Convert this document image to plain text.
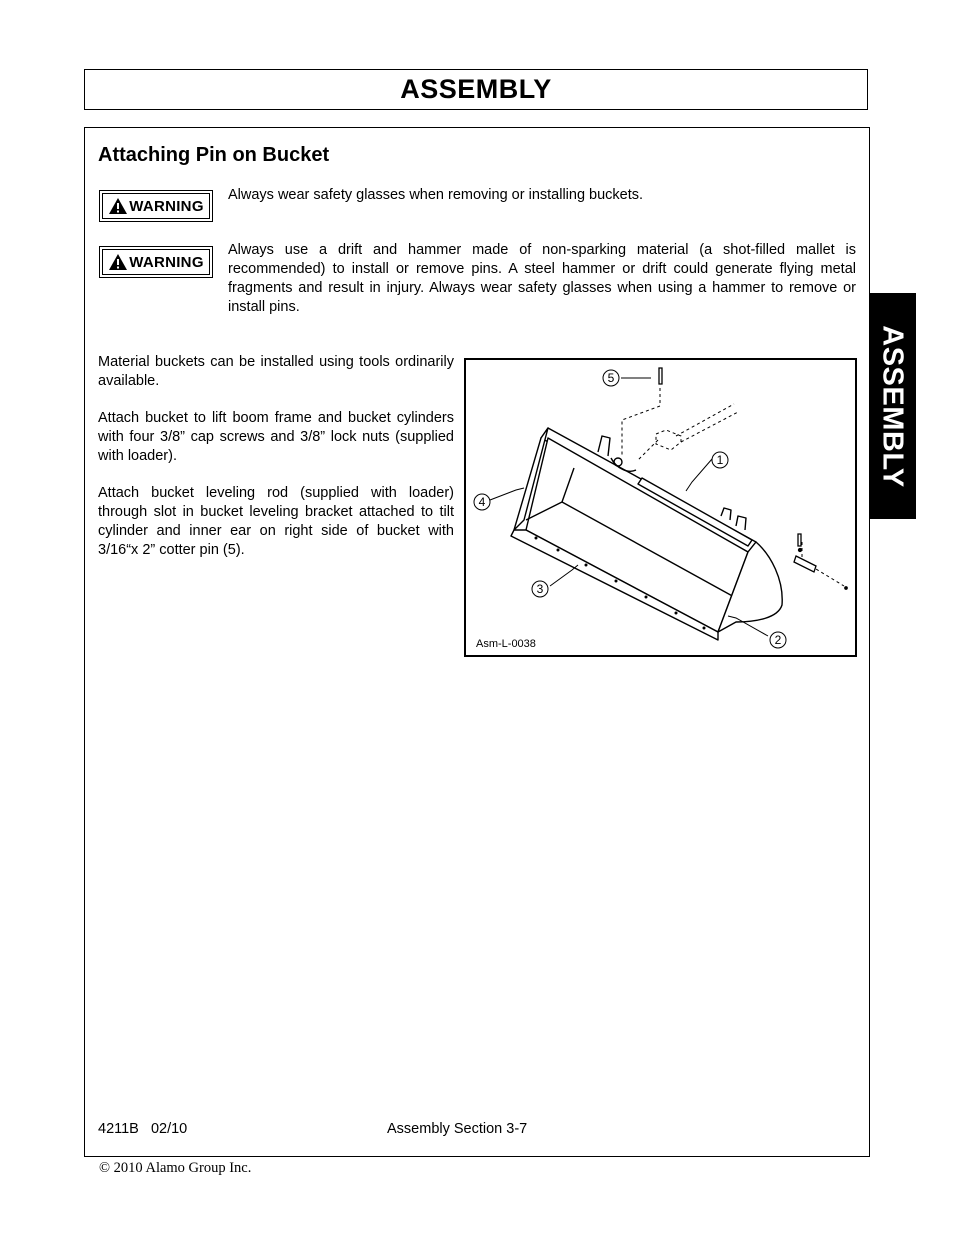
ASSEMBLY
ASSEMBLY
Attaching Pin on Bucket
WARNING
Always wear safety glasses when removing or installing buckets.
WARNING
Always use a drift and hammer made of non-sparking material (a shot-filled mallet is recommended) to install or remove pins. A steel hammer or drift could generate flying metal fragments and result in injury. Always wear safety glasses when using a hammer to remove or install pins.

Material buckets can be installed using tools ordinarily available.

Attach bucket to lift boom frame and bucket cylinders with four 3/8” cap screws and 3/8” lock nuts (supplied with loader).

Attach bucket leveling rod (supplied with loader) through slot in bucket leveling bracket attached to tilt cylinder and inner ear on right side of bucket with 3/16“x 2” cotter pin (5).

5
1
4
3
2
Asm-L-0038
4211B   02/10	Assembly Section 3-7
© 2010 Alamo Group Inc.
